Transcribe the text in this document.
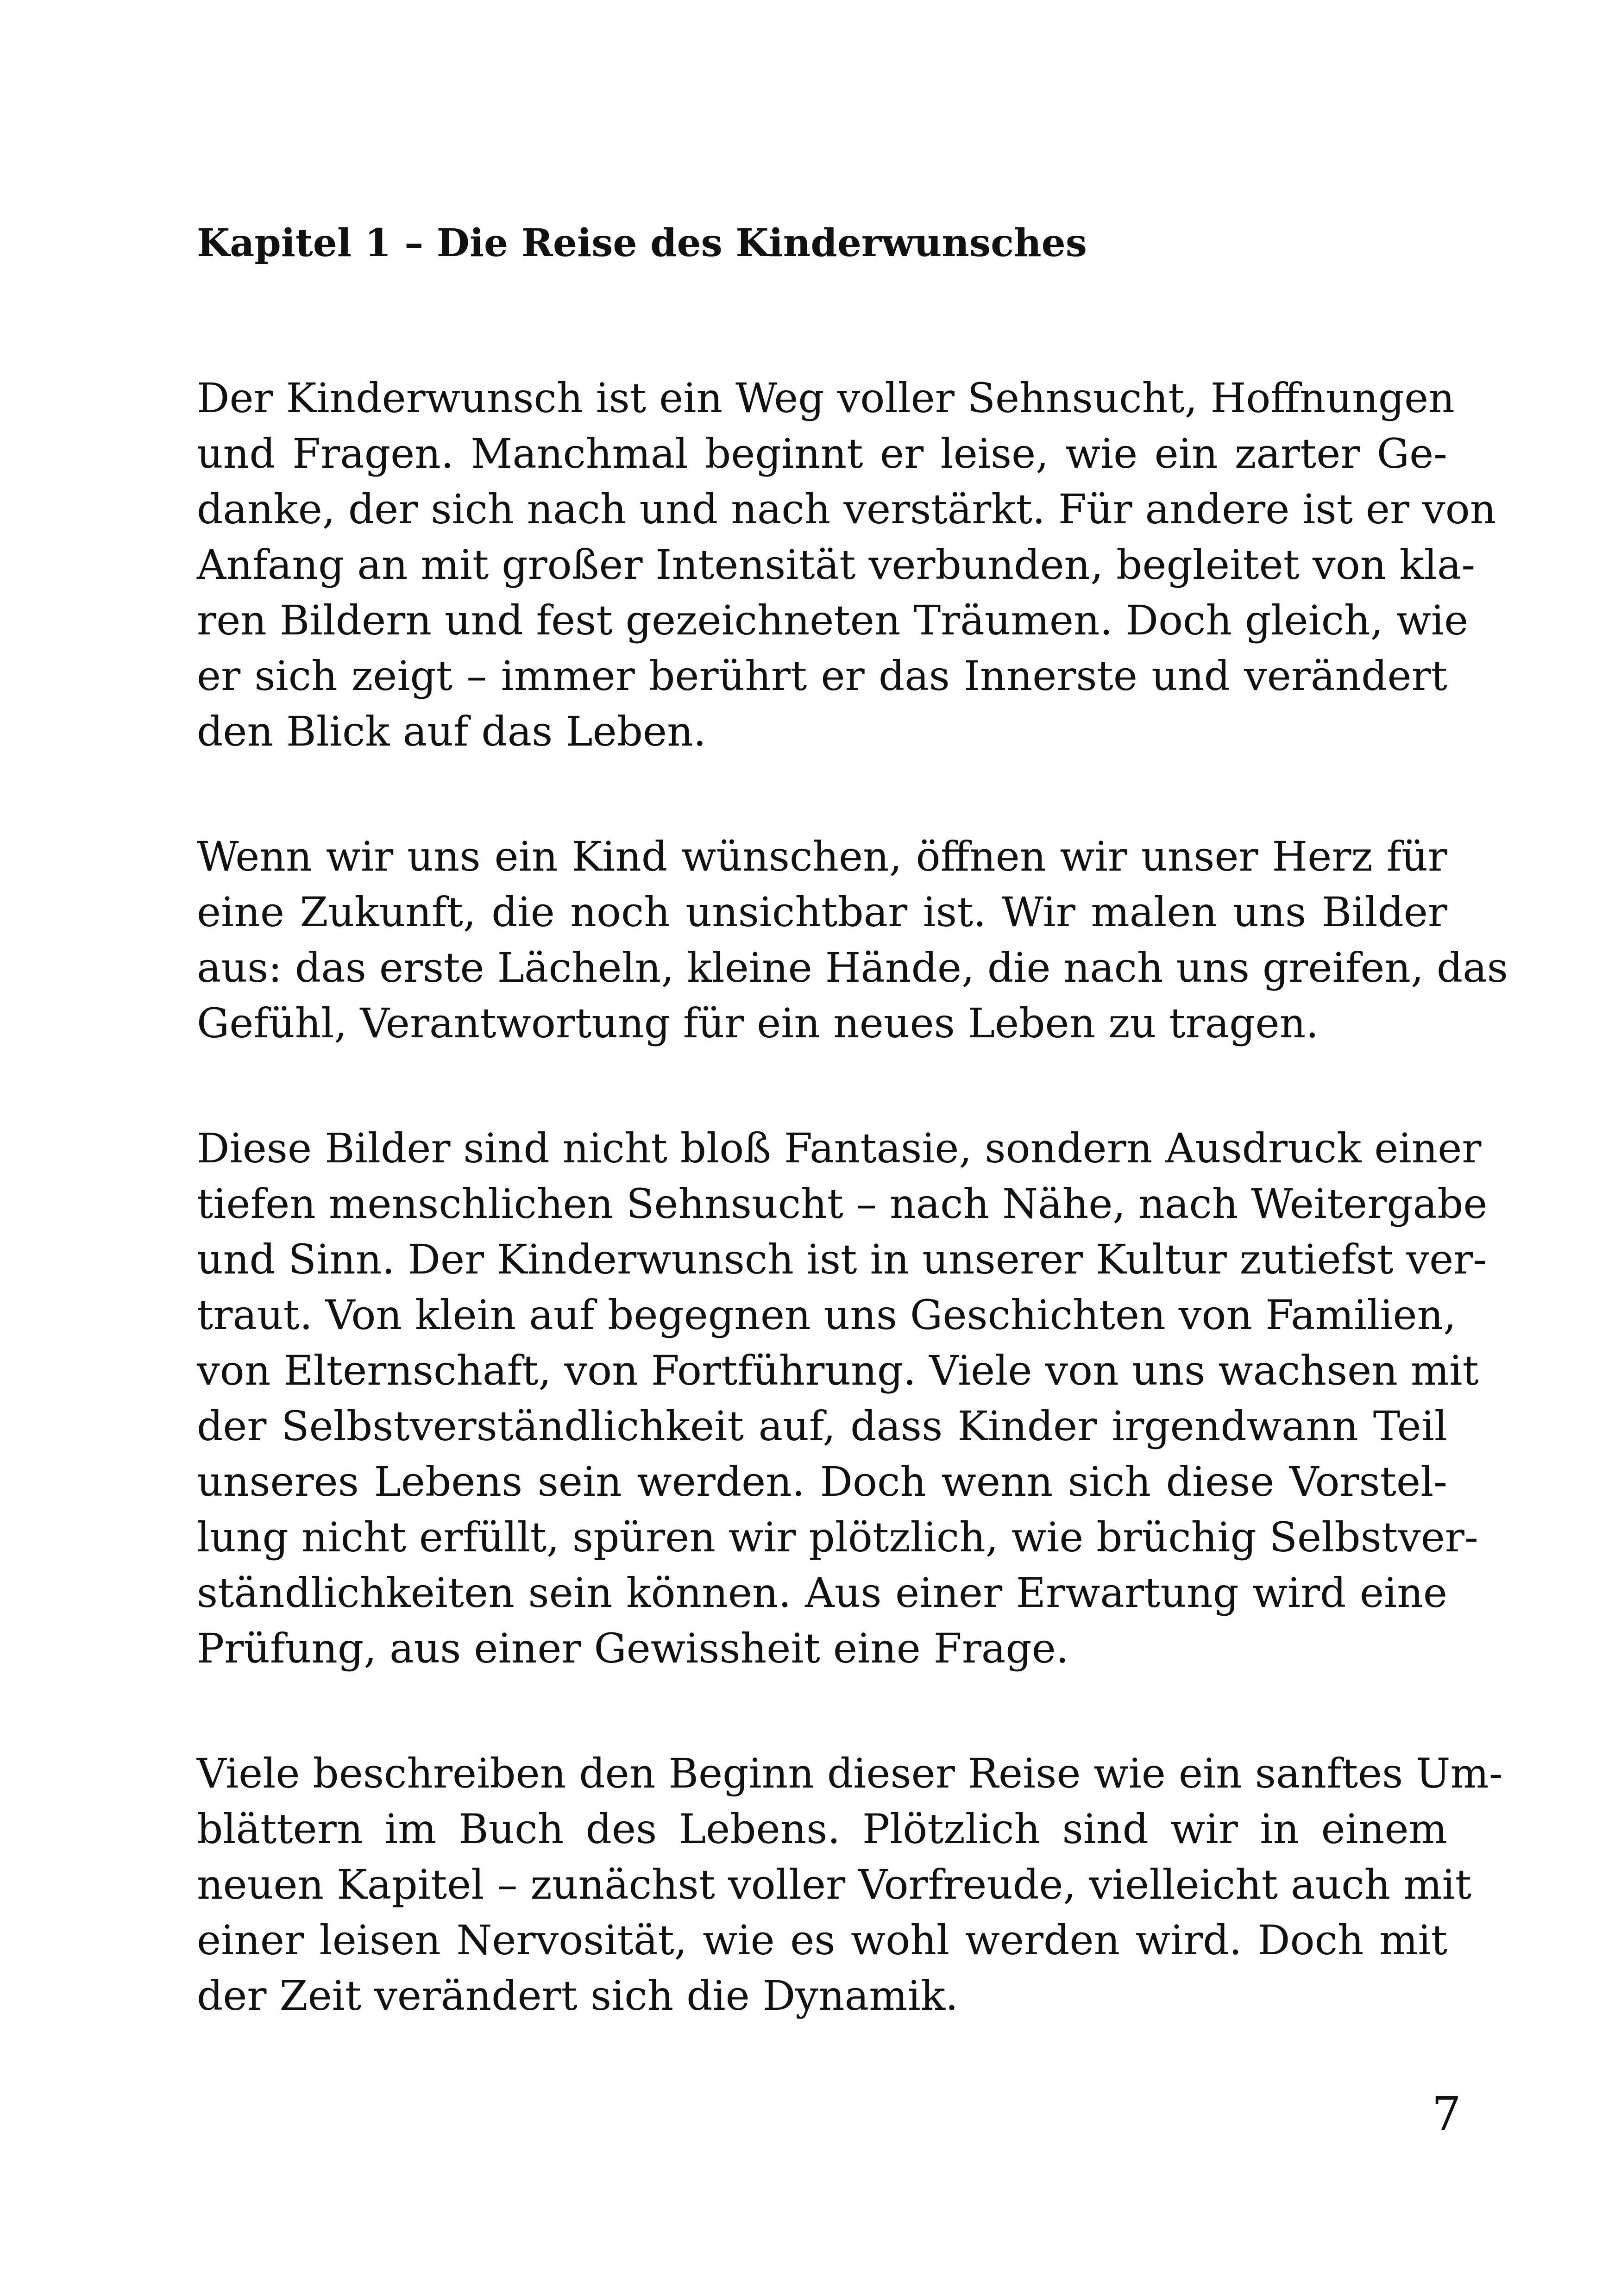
Kapitel 1 – Die Reise des Kinderwunsches

Der Kinderwunsch ist ein Weg voller Sehnsucht, Hoffnungen
und Fragen. Manchmal beginnt er leise, wie ein zarter Ge-
danke, der sich nach und nach verstärkt. Für andere ist er von
Anfang an mit großer Intensität verbunden, begleitet von kla-
ren Bildern und fest gezeichneten Träumen. Doch gleich, wie
er sich zeigt – immer berührt er das Innerste und verändert
den Blick auf das Leben.

Wenn wir uns ein Kind wünschen, öffnen wir unser Herz für
eine Zukunft, die noch unsichtbar ist. Wir malen uns Bilder
aus: das erste Lächeln, kleine Hände, die nach uns greifen, das
Gefühl, Verantwortung für ein neues Leben zu tragen.

Diese Bilder sind nicht bloß Fantasie, sondern Ausdruck einer
tiefen menschlichen Sehnsucht – nach Nähe, nach Weitergabe
und Sinn. Der Kinderwunsch ist in unserer Kultur zutiefst ver-
traut. Von klein auf begegnen uns Geschichten von Familien,
von Elternschaft, von Fortführung. Viele von uns wachsen mit
der Selbstverständlichkeit auf, dass Kinder irgendwann Teil
unseres Lebens sein werden. Doch wenn sich diese Vorstel-
lung nicht erfüllt, spüren wir plötzlich, wie brüchig Selbstver-
ständlichkeiten sein können. Aus einer Erwartung wird eine
Prüfung, aus einer Gewissheit eine Frage.

Viele beschreiben den Beginn dieser Reise wie ein sanftes Um-
blättern im Buch des Lebens. Plötzlich sind wir in einem
neuen Kapitel – zunächst voller Vorfreude, vielleicht auch mit
einer leisen Nervosität, wie es wohl werden wird. Doch mit
der Zeit verändert sich die Dynamik.

7
